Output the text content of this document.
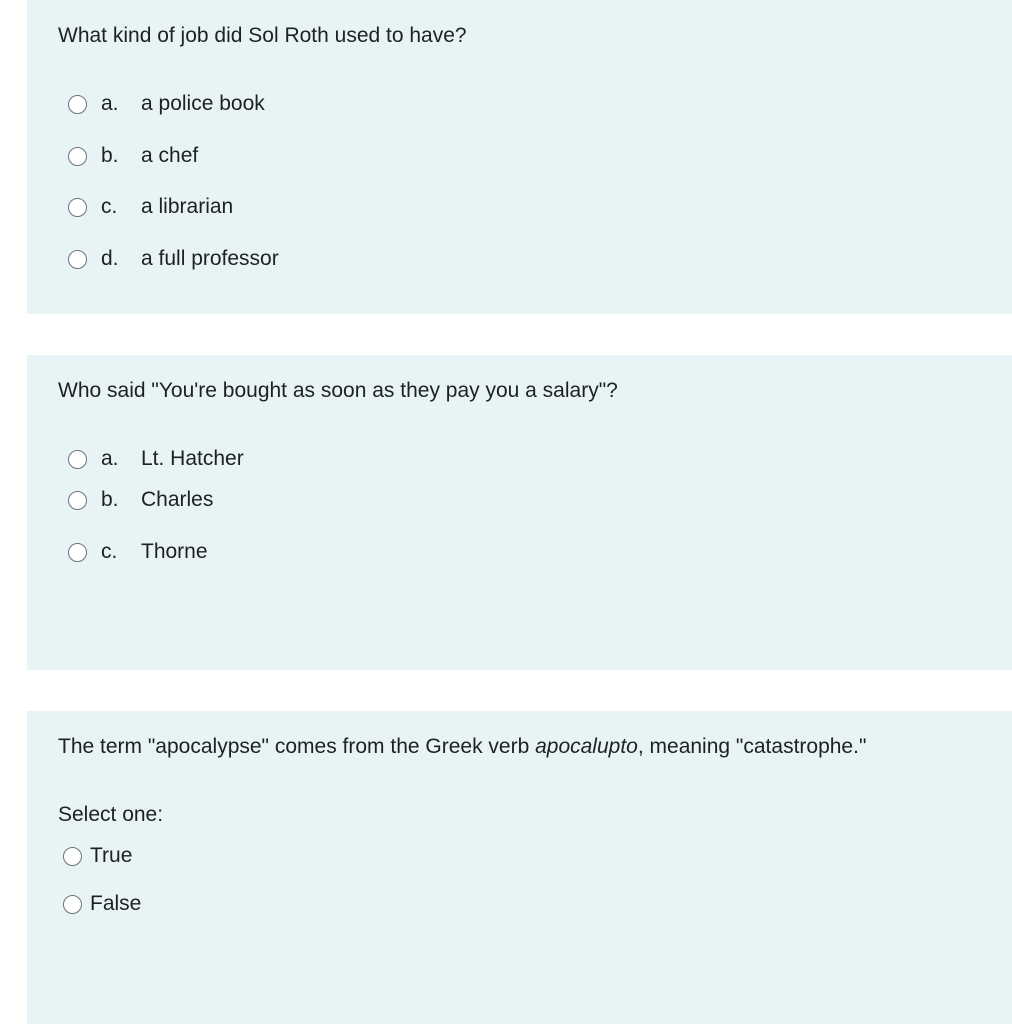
What kind of job did Sol Roth used to have?
a.	a police book
b.	a chef
c.	a librarian
d.	a full professor
Who said "You're bought as soon as they pay you a salary"?
a.	Lt. Hatcher
b.	Charles
c.	Thorne
The term "apocalypse" comes from the Greek verb apocalupto, meaning "catastrophe."
Select one:
True
False
